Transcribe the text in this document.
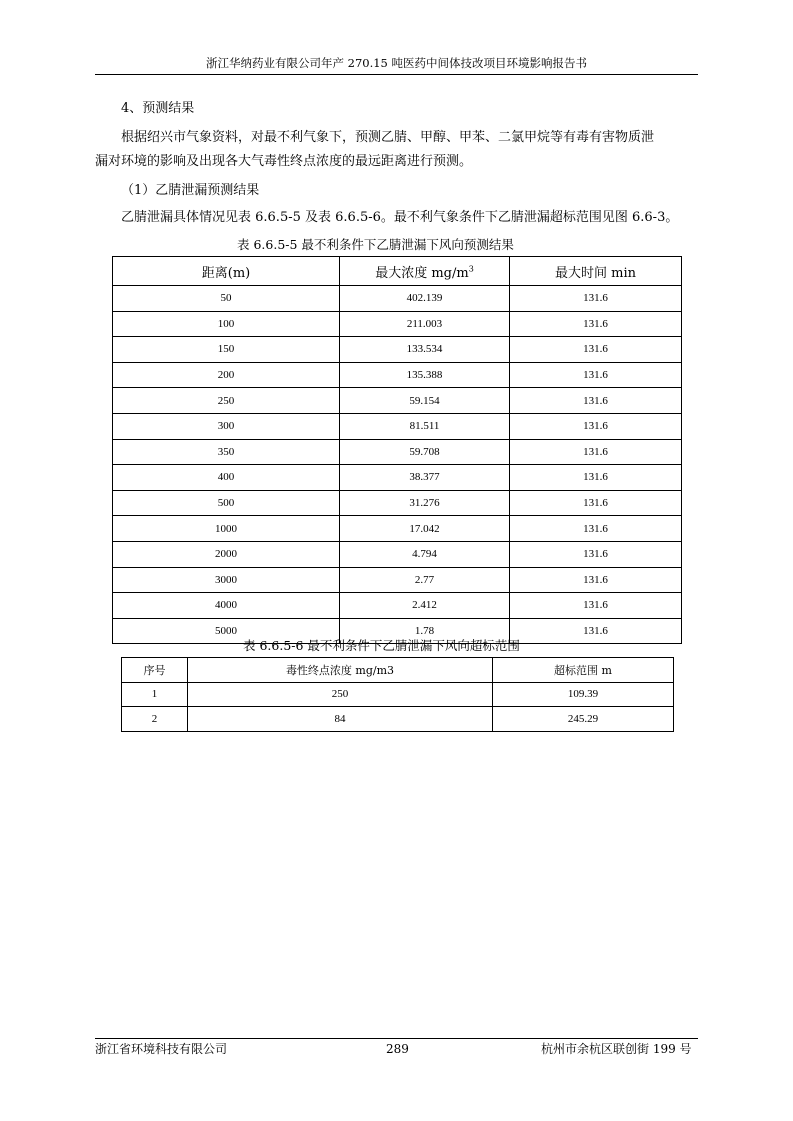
浙江华纳药业有限公司年产 270.15 吨医药中间体技改项目环境影响报告书
4、预测结果
根据绍兴市气象资料，对最不利气象下，预测乙腈、甲醇、甲苯、二氯甲烷等有毒有害物质泄
漏对环境的影响及出现各大气毒性终点浓度的最远距离进行预测。
（1）乙腈泄漏预测结果
乙腈泄漏具体情况见表 6.6.5-5 及表 6.6.5-6。最不利气象条件下乙腈泄漏超标范围见图 6.6-3。
表 6.6.5-5 最不利条件下乙腈泄漏下风向预测结果
距离(m)	最大浓度 $mg/m^3$	最大时间 min
50	402.139	131.6
100	211.003	131.6
150	133.534	131.6
200	135.388	131.6
250	59.154	131.6
300	81.511	131.6
350	59.708	131.6
400	38.377	131.6
500	31.276	131.6
1000	17.042	131.6
2000	4.794	131.6
3000	2.77	131.6
4000	2.412	131.6
5000	1.78	131.6
表 6.6.5-6 最不利条件下乙腈泄漏下风向超标范围
序号	毒性终点浓度 mg/m3	超标范围 m
1	250	109.39
2	84	245.29
浙江省环境科技有限公司	289	杭州市余杭区联创街 199 号
